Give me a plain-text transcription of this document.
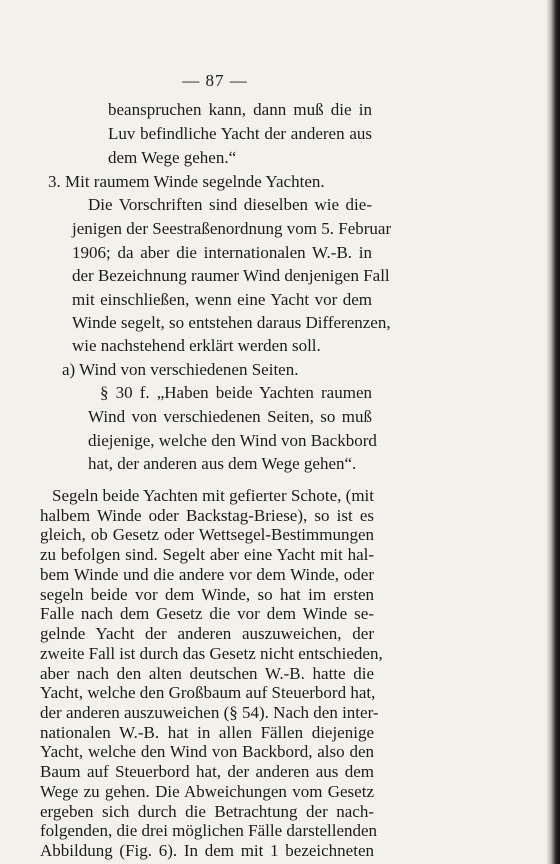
— 87 —
beanspruchen kann, dann muß die in
Luv befindliche Yacht der anderen aus
dem Wege gehen.“
3. Mit raumem Winde segelnde Yachten.
Die Vorschriften sind dieselben wie die-
jenigen der Seestraßenordnung vom 5. Februar
1906; da aber die internationalen W.-B. in
der Bezeichnung raumer Wind denjenigen Fall
mit einschließen, wenn eine Yacht vor dem
Winde segelt, so entstehen daraus Differenzen,
wie nachstehend erklärt werden soll.
a) Wind von verschiedenen Seiten.
§ 30 f. „Haben beide Yachten raumen
Wind von verschiedenen Seiten, so muß
diejenige, welche den Wind von Backbord
hat, der anderen aus dem Wege gehen“.
Segeln beide Yachten mit gefierter Schote, (mit
halbem Winde oder Backstag-Briese), so ist es
gleich, ob Gesetz oder Wettsegel-Bestimmungen
zu befolgen sind. Segelt aber eine Yacht mit hal-
bem Winde und die andere vor dem Winde, oder
segeln beide vor dem Winde, so hat im ersten
Falle nach dem Gesetz die vor dem Winde se-
gelnde Yacht der anderen auszuweichen, der
zweite Fall ist durch das Gesetz nicht entschieden,
aber nach den alten deutschen W.-B. hatte die
Yacht, welche den Großbaum auf Steuerbord hat,
der anderen auszuweichen (§ 54). Nach den inter-
nationalen W.-B. hat in allen Fällen diejenige
Yacht, welche den Wind von Backbord, also den
Baum auf Steuerbord hat, der anderen aus dem
Wege zu gehen. Die Abweichungen vom Gesetz
ergeben sich durch die Betrachtung der nach-
folgenden, die drei möglichen Fälle darstellenden
Abbildung (Fig. 6). In dem mit 1 bezeichneten
